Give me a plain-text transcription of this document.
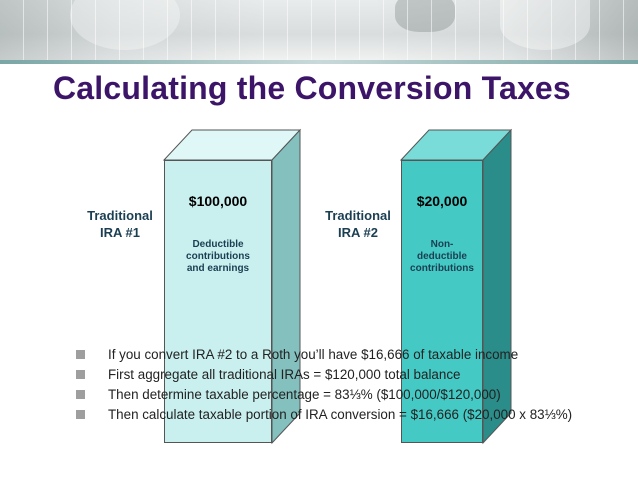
Calculating the Conversion Taxes
Traditional
IRA #1
$100,000
Deductible
contributions
and earnings
Traditional
IRA #2
$20,000
Non-
deductible
contributions
If you convert IRA #2 to a Roth you’ll have $16,666 of taxable income
First aggregate all traditional IRAs = $120,000 total balance
Then determine taxable percentage = 83⅓% ($100,000/$120,000)
Then calculate taxable portion of IRA conversion = $16,666 ($20,000 x 83⅓%)
